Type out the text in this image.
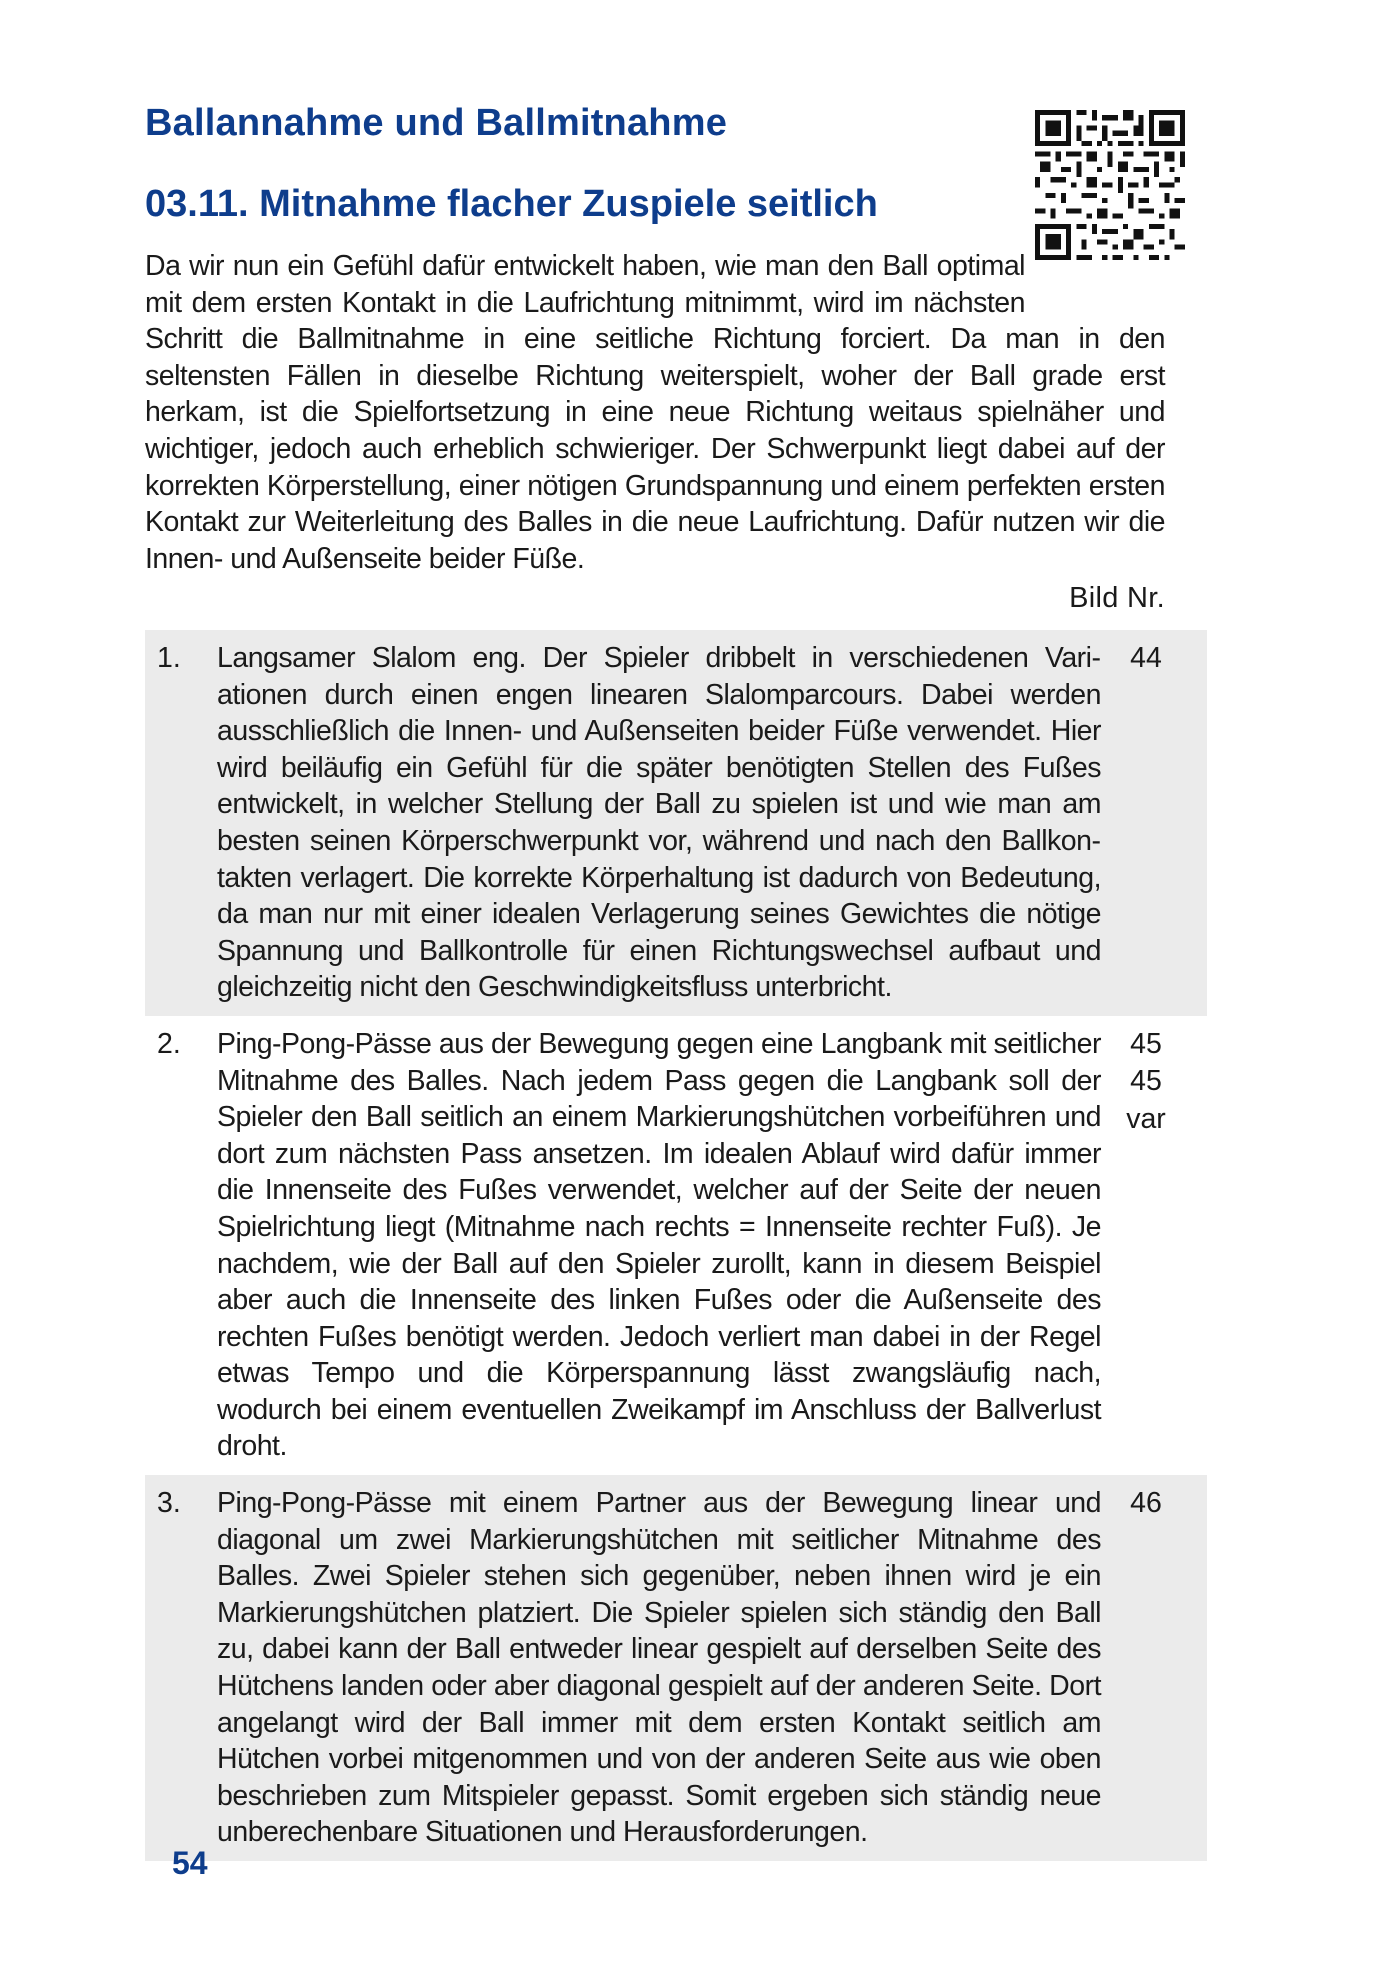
Ballannahme und Ballmitnahme
03.11. Mitnahme flacher Zuspiele seitlich

Da wir nun ein Gefühl dafür entwickelt haben, wie man den Ball optimal mit dem ersten Kontakt in die Laufrichtung mitnimmt, wird im nächsten Schritt die Ballmitnahme in eine seitliche Richtung forciert. Da man in den seltensten Fällen in dieselbe Richtung weiterspielt, woher der Ball grade erst herkam, ist die Spielfortsetzung in eine neue Richtung weitaus spielnäher und wichtiger, jedoch auch erheblich schwieriger. Der Schwerpunkt liegt dabei auf der korrekten Körperstellung, einer nötigen Grundspannung und einem perfekten ersten Kontakt zur Weiterleitung des Balles in die neue Laufrichtung. Dafür nutzen wir die Innen- und Außenseite beider Füße.

Bild Nr.
1.	Langsamer Slalom eng. Der Spieler dribbelt in verschiedenen Variationen durch einen engen linearen Slalomparcours. Dabei werden ausschließlich die Innen- und Außenseiten beider Füße verwendet. Hier wird beiläufig ein Gefühl für die später benötigten Stellen des Fußes entwickelt, in welcher Stellung der Ball zu spielen ist und wie man am besten seinen Körperschwerpunkt vor, während und nach den Ballkontakten verlagert. Die korrekte Körperhaltung ist dadurch von Bedeutung, da man nur mit einer idealen Verlagerung seines Gewichtes die nötige Spannung und Ballkontrolle für einen Richtungswechsel aufbaut und gleichzeitig nicht den Geschwindigkeitsfluss unterbricht.
44
2.	Ping-Pong-Pässe aus der Bewegung gegen eine Langbank mit seitlicher Mitnahme des Balles. Nach jedem Pass gegen die Langbank soll der Spieler den Ball seitlich an einem Markierungshütchen vorbeiführen und dort zum nächsten Pass ansetzen. Im idealen Ablauf wird dafür immer die Innenseite des Fußes verwendet, welcher auf der Seite der neuen Spielrichtung liegt (Mitnahme nach rechts = Innenseite rechter Fuß). Je nachdem, wie der Ball auf den Spieler zurollt, kann in diesem Beispiel aber auch die Innenseite des linken Fußes oder die Außenseite des rechten Fußes benötigt werden. Jedoch verliert man dabei in der Regel etwas Tempo und die Körperspannung lässt zwangsläufig nach, wodurch bei einem eventuellen Zweikampf im Anschluss der Ballverlust droht.
45
45
var
3.	Ping-Pong-Pässe mit einem Partner aus der Bewegung linear und diagonal um zwei Markierungshütchen mit seitlicher Mitnahme des Balles. Zwei Spieler stehen sich gegenüber, neben ihnen wird je ein Markierungshütchen platziert. Die Spieler spielen sich ständig den Ball zu, dabei kann der Ball entweder linear gespielt auf derselben Seite des Hütchens landen oder aber diagonal gespielt auf der anderen Seite. Dort angelangt wird der Ball immer mit dem ersten Kontakt seitlich am Hütchen vorbei mitgenommen und von der anderen Seite aus wie oben beschrieben zum Mitspieler gepasst. Somit ergeben sich ständig neue unberechenbare Situationen und Herausforderungen.
46
54
